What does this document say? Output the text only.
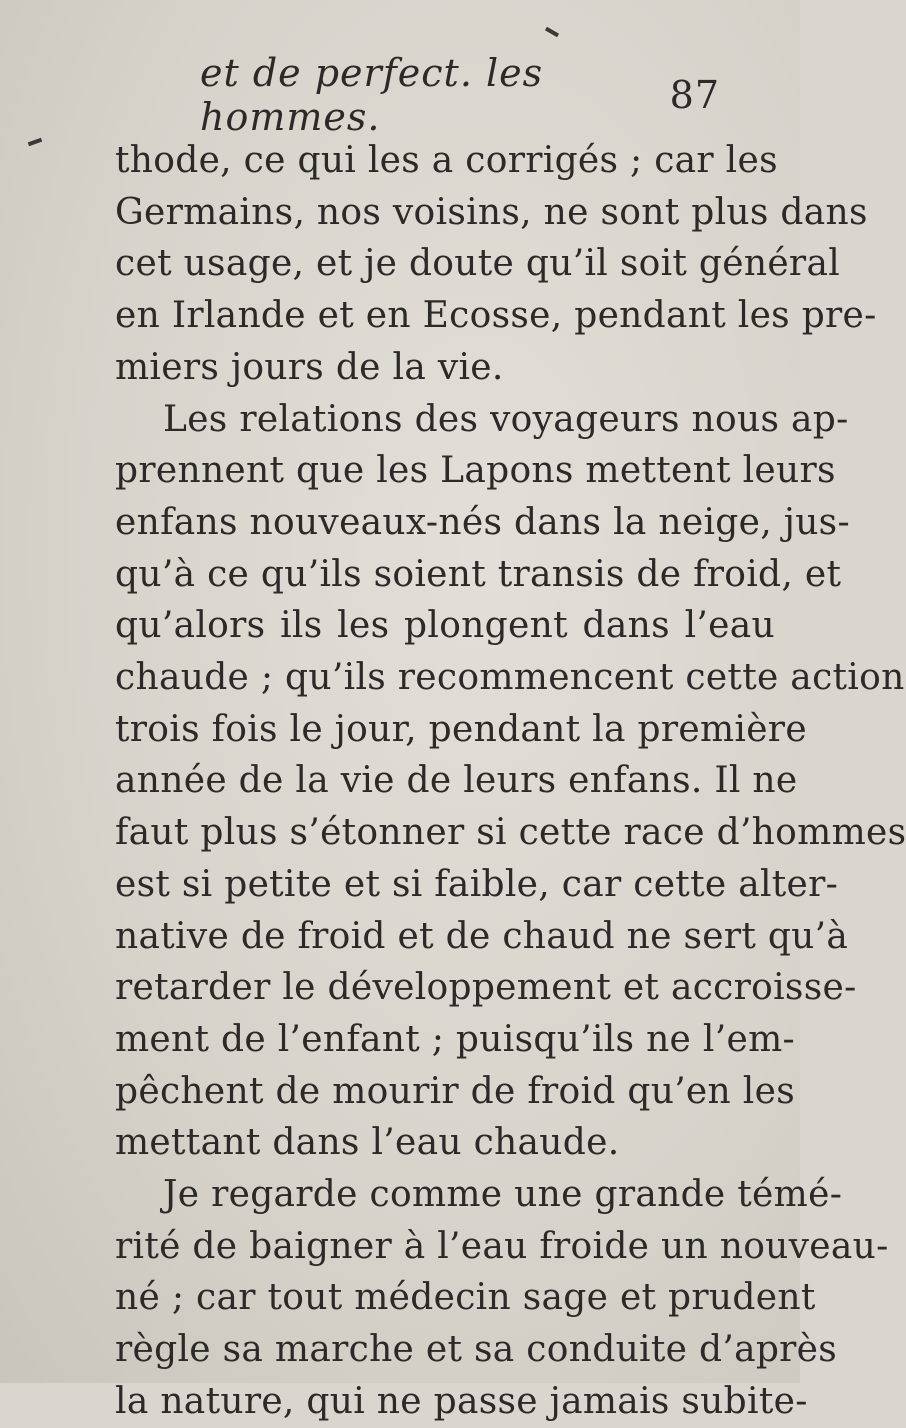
et de perfect. les hommes.	87
thode, ce qui les a corrigés ; car les
Germains, nos voisins, ne sont plus dans
cet usage, et je doute qu’il soit général
en Irlande et en Ecosse, pendant les pre-
miers jours de la vie.
Les relations des voyageurs nous ap-
prennent que les Lapons mettent leurs
enfans nouveaux-nés dans la neige, jus-
qu’à ce qu’ils soient transis de froid, et
qu’alors ils les plongent dans l’eau
chaude ; qu’ils recommencent cette action
trois fois le jour, pendant la première
année de la vie de leurs enfans. Il ne
faut plus s’étonner si cette race d’hommes
est si petite et si faible, car cette alter-
native de froid et de chaud ne sert qu’à
retarder le développement et accroisse-
ment de l’enfant ; puisqu’ils ne l’em-
pêchent de mourir de froid qu’en les
mettant dans l’eau chaude.
Je regarde comme une grande témé-
rité de baigner à l’eau froide un nouveau-
né ; car tout médecin sage et prudent
règle sa marche et sa conduite d’après
la nature, qui ne passe jamais subite-
